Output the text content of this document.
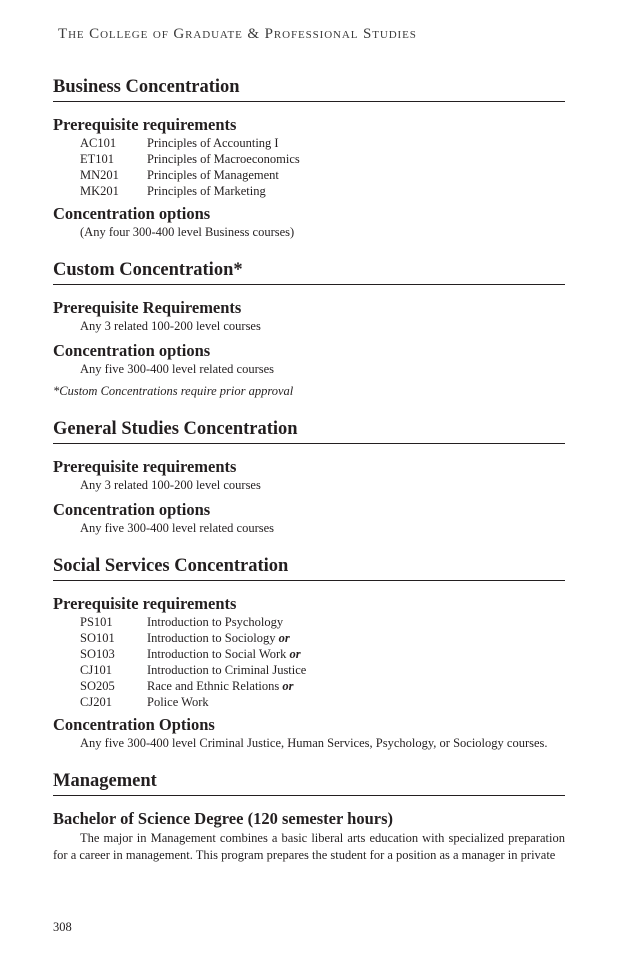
The College of Graduate & Professional Studies
Business Concentration
Prerequisite requirements
AC101	Principles of Accounting I
ET101	Principles of Macroeconomics
MN201	Principles of Management
MK201	Principles of Marketing
Concentration options
(Any four 300-400 level Business courses)
Custom Concentration*
Prerequisite Requirements
Any 3 related 100-200 level courses
Concentration options
Any five 300-400 level related courses
*Custom Concentrations require prior approval
General Studies Concentration
Prerequisite requirements
Any 3 related 100-200 level courses
Concentration options
Any five 300-400 level related courses
Social Services Concentration
Prerequisite requirements
PS101	Introduction to Psychology
SO101	Introduction to Sociology or
SO103	Introduction to Social Work or
CJ101	Introduction to Criminal Justice
SO205	Race and Ethnic Relations or
CJ201	Police Work
Concentration Options
Any five 300-400 level Criminal Justice, Human Services, Psychology, or Sociology courses.
Management
Bachelor of Science Degree (120 semester hours)

The major in Management combines a basic liberal arts education with specialized preparation for a career in management. This program prepares the student for a position as a manager in private

308
